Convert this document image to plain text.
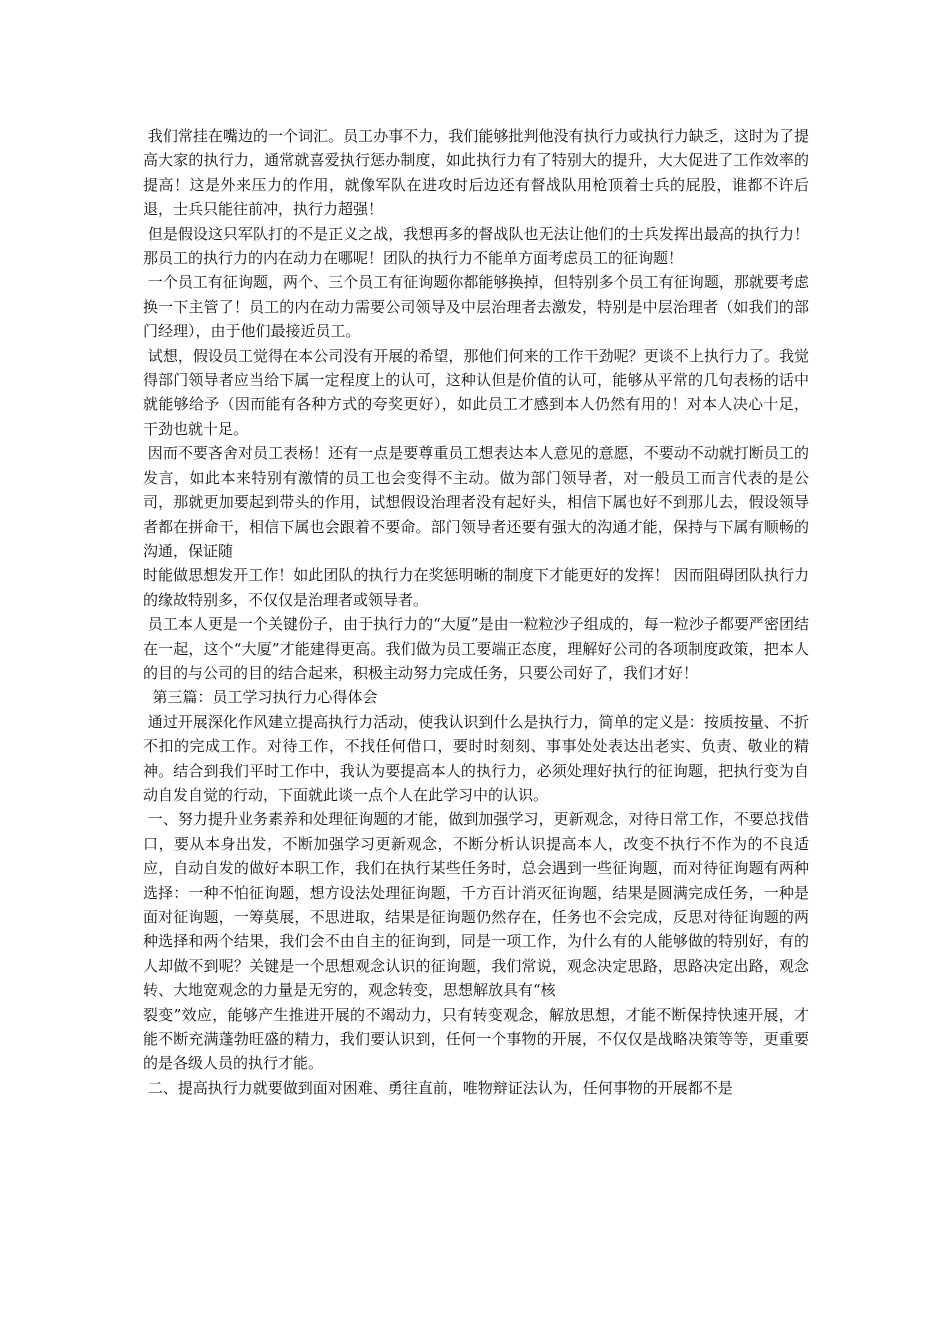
我们常挂在嘴边的一个词汇。员工办事不力，我们能够批判他没有执行力或执行力缺乏，这时为了提高大家的执行力，通常就喜爱执行惩办制度，如此执行力有了特别大的提升，大大促进了工作效率的提高！这是外来压力的作用，就像军队在进攻时后边还有督战队用枪顶着士兵的屁股，谁都不许后退，士兵只能往前冲，执行力超强！

但是假设这只军队打的不是正义之战，我想再多的督战队也无法让他们的士兵发挥出最高的执行力！那员工的执行力的内在动力在哪呢！团队的执行力不能单方面考虑员工的征询题！

一个员工有征询题，两个、三个员工有征询题你都能够换掉，但特别多个员工有征询题，那就要考虑换一下主管了！员工的内在动力需要公司领导及中层治理者去激发，特别是中层治理者（如我们的部门经理），由于他们最接近员工。

试想，假设员工觉得在本公司没有开展的希望，那他们何来的工作干劲呢？更谈不上执行力了。我觉得部门领导者应当给下属一定程度上的认可，这种认但是价值的认可，能够从平常的几句表杨的话中就能够给予（因而能有各种方式的夸奖更好），如此员工才感到本人仍然有用的！对本人决心十足，干劲也就十足。

因而不要吝舍对员工表杨！还有一点是要尊重员工想表达本人意见的意愿，不要动不动就打断员工的发言，如此本来特别有激情的员工也会变得不主动。做为部门领导者，对一般员工而言代表的是公司，那就更加要起到带头的作用，试想假设治理者没有起好头，相信下属也好不到那儿去，假设领导者都在拼命干，相信下属也会跟着不要命。部门领导者还要有强大的沟通才能，保持与下属有顺畅的沟通，保证随

时能做思想发开工作！如此团队的执行力在奖惩明晰的制度下才能更好的发挥！ 因而阻碍团队执行力的缘故特别多，不仅仅是治理者或领导者。

员工本人更是一个关键份子，由于执行力的“大厦”是由一粒粒沙子组成的，每一粒沙子都要严密团结在一起，这个“大厦”才能建得更高。我们做为员工要端正态度，理解好公司的各项制度政策，把本人的目的与公司的目的结合起来，积极主动努力完成任务，只要公司好了，我们才好！

第三篇：员工学习执行力心得体会

通过开展深化作风建立提高执行力活动，使我认识到什么是执行力，简单的定义是：按质按量、不折不扣的完成工作。对待工作，不找任何借口，要时时刻刻、事事处处表达出老实、负责、敬业的精神。结合到我们平时工作中，我认为要提高本人的执行力，必须处理好执行的征询题，把执行变为自动自发自觉的行动，下面就此谈一点个人在此学习中的认识。

一、努力提升业务素养和处理征询题的才能，做到加强学习，更新观念，对待日常工作，不要总找借口，要从本身出发，不断加强学习更新观念，不断分析认识提高本人，改变不执行不作为的不良适应，自动自发的做好本职工作，我们在执行某些任务时，总会遇到一些征询题，而对待征询题有两种选择：一种不怕征询题，想方设法处理征询题，千方百计消灭征询题，结果是圆满完成任务，一种是面对征询题，一筹莫展，不思进取，结果是征询题仍然存在，任务也不会完成，反思对待征询题的两种选择和两个结果，我们会不由自主的征询到，同是一项工作，为什么有的人能够做的特别好，有的人却做不到呢？关键是一个思想观念认识的征询题，我们常说，观念决定思路，思路决定出路，观念转、大地宽观念的力量是无穷的，观念转变，思想解放具有“核

裂变”效应，能够产生推进开展的不竭动力，只有转变观念，解放思想，才能不断保持快速开展，才能不断充满蓬勃旺盛的精力，我们要认识到，任何一个事物的开展，不仅仅是战略决策等等，更重要的是各级人员的执行才能。

二、提高执行力就要做到面对困难、勇往直前，唯物辩证法认为，任何事物的开展都不是
